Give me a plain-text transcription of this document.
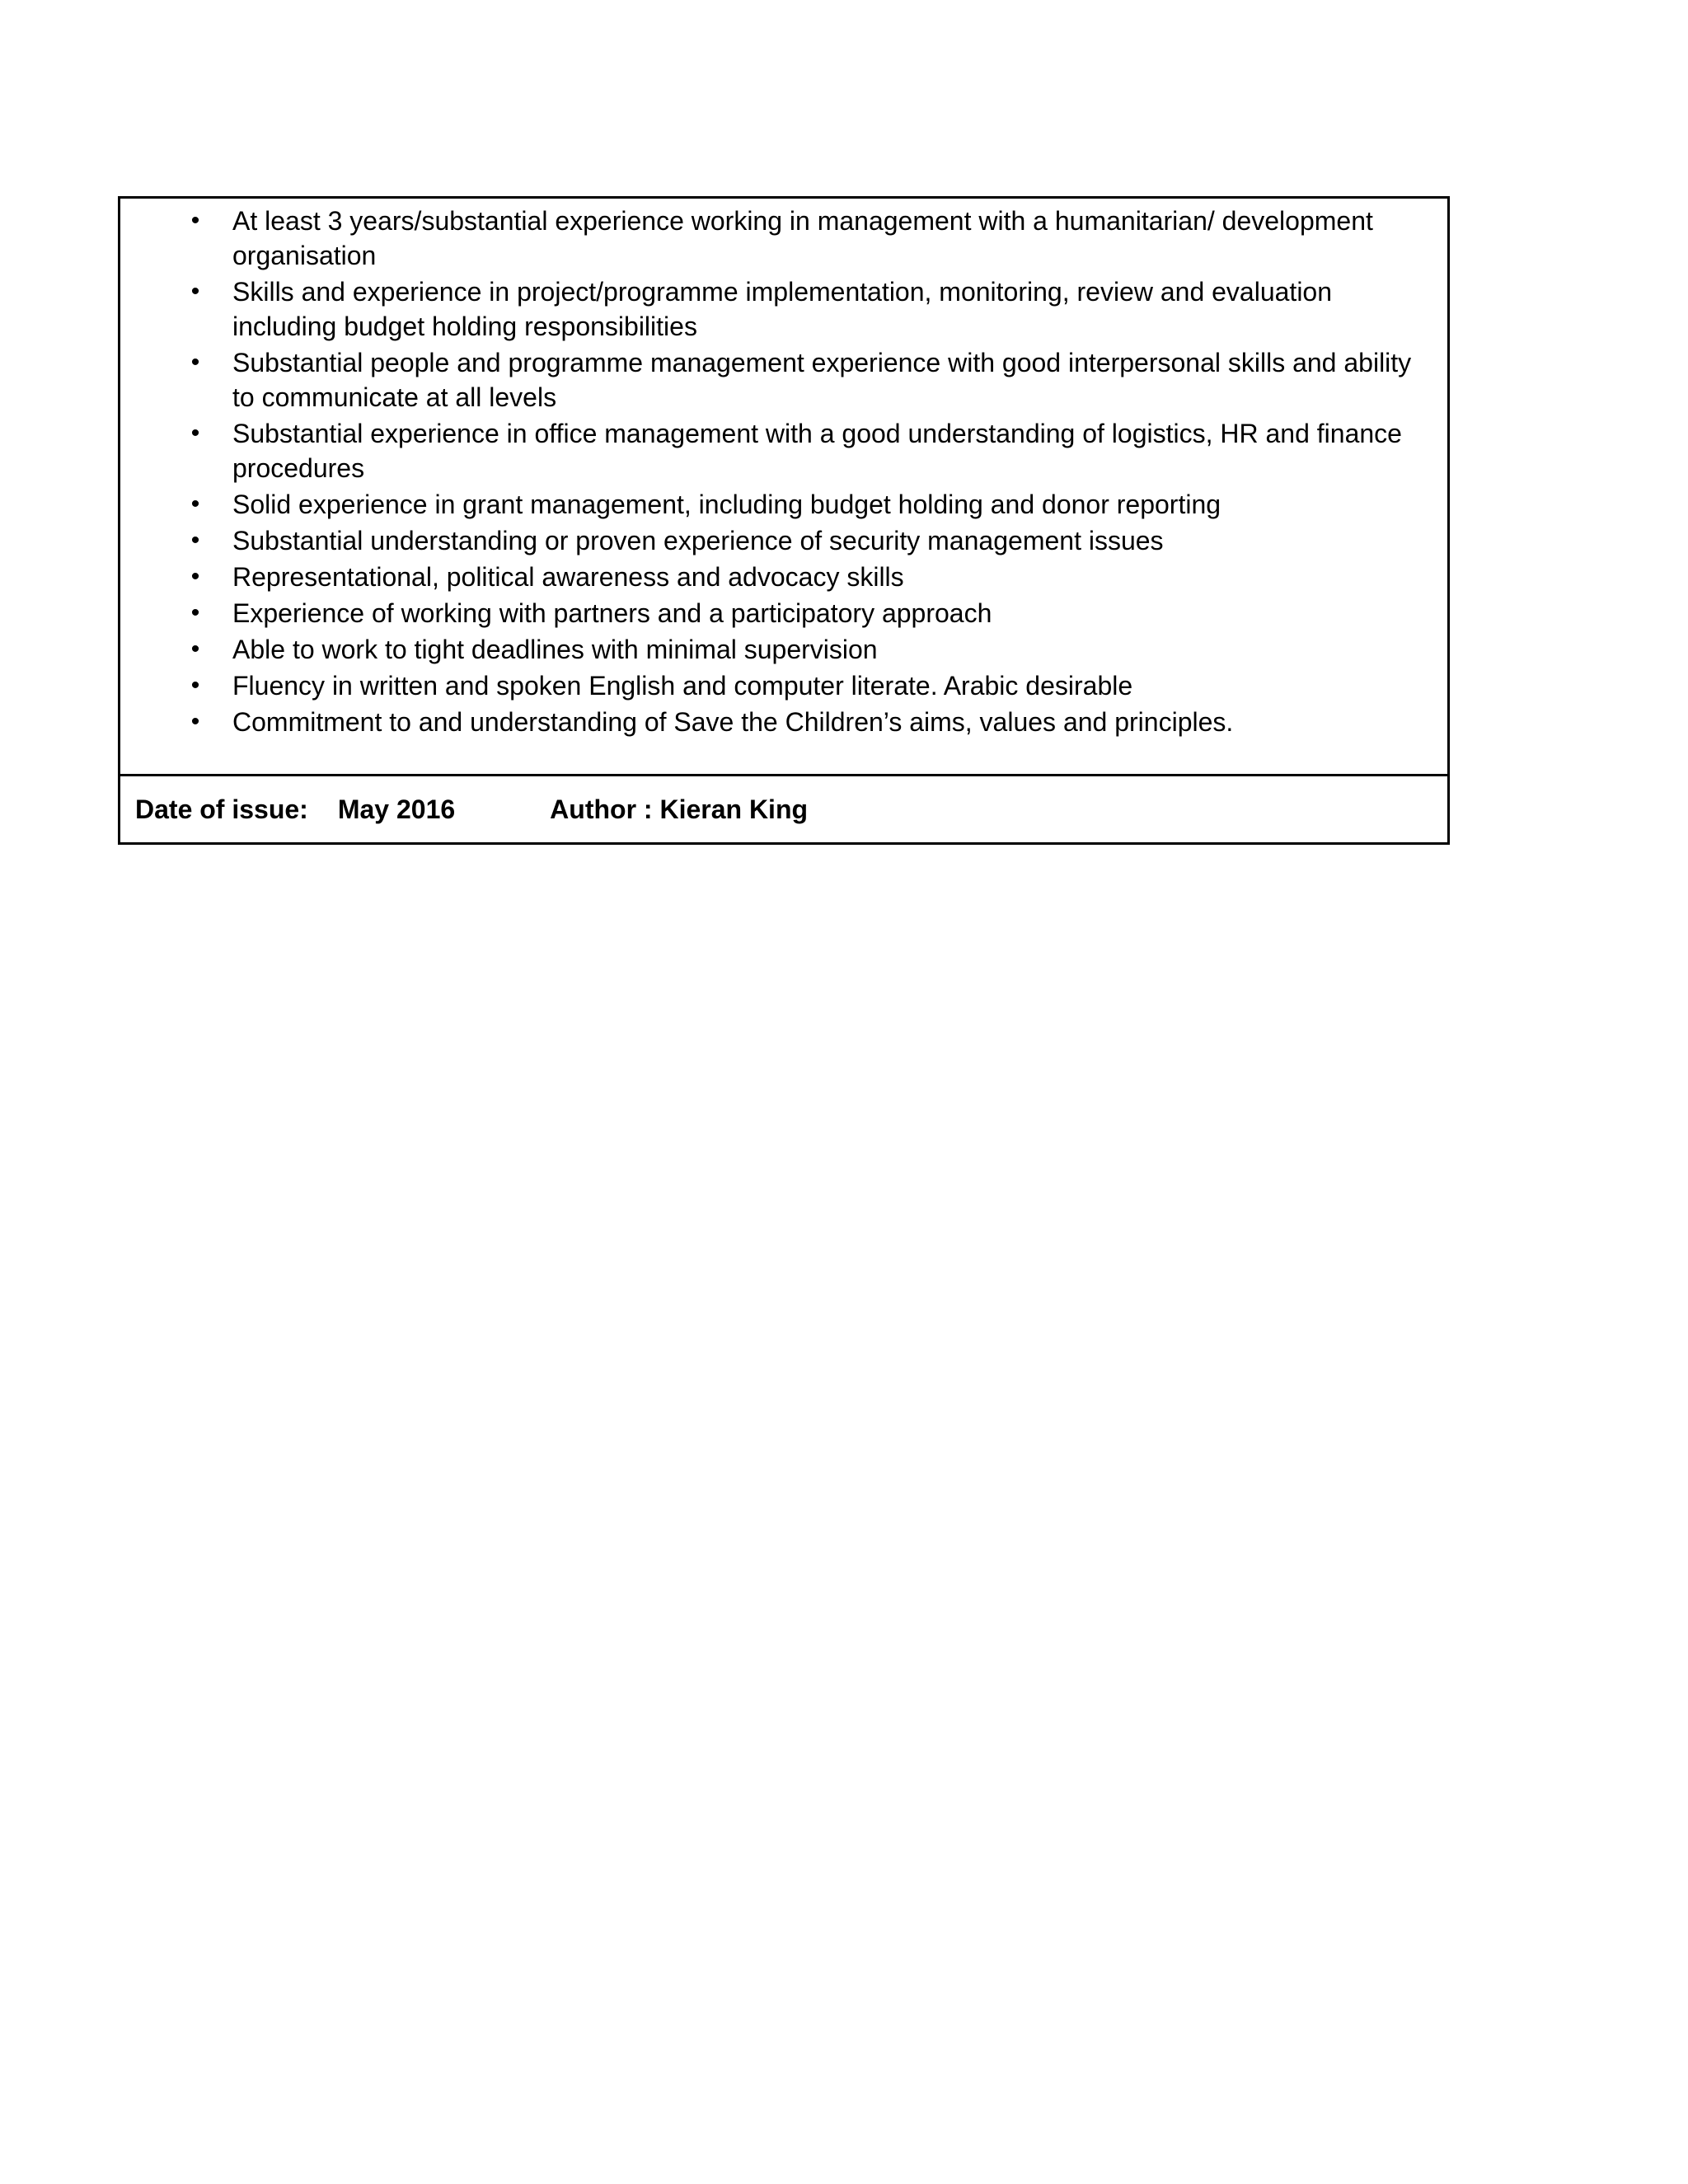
•	At least 3 years/substantial experience working in management with a humanitarian/ development organisation
•	Skills and experience in project/programme implementation, monitoring, review and evaluation including budget holding responsibilities
•	Substantial people and programme management experience with good interpersonal skills and ability to communicate at all levels
•	Substantial experience in office management with a good understanding of logistics, HR and finance procedures
•	Solid experience in grant management, including budget holding and donor reporting
•	Substantial understanding or proven experience of security management issues
•	Representational, political awareness and advocacy skills
•	Experience of working with partners and a participatory approach
•	Able to work to tight deadlines with minimal supervision
•	Fluency in written and spoken English and computer literate. Arabic desirable
•	Commitment to and understanding of Save the Children’s aims, values and principles.
Date of issue: May 2016	Author : Kieran King
